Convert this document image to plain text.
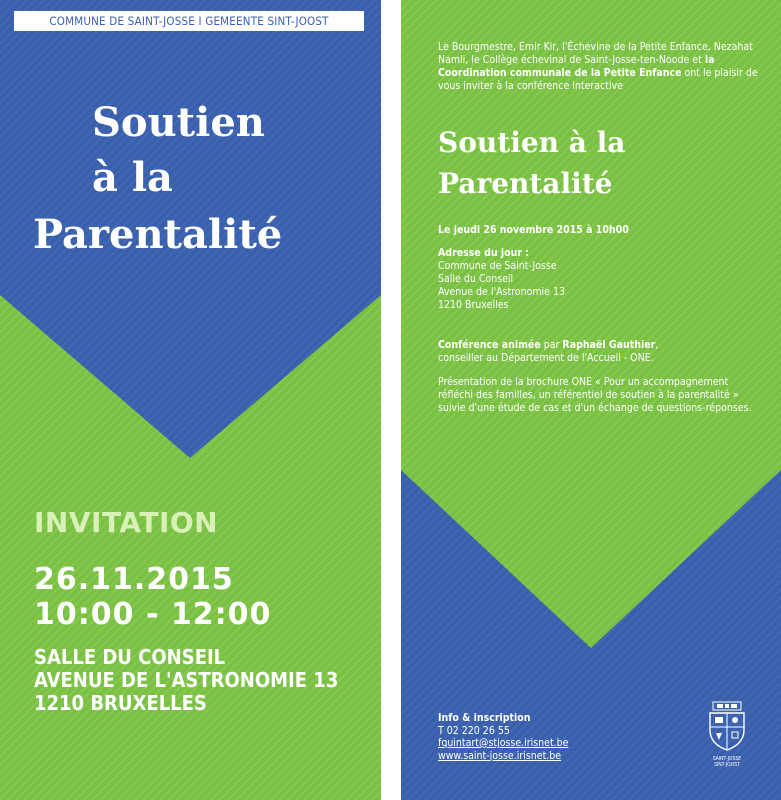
COMMUNE DE SAINT-JOSSE I GEMEENTE SINT-JOOST
Soutien
à la
Parentalité
INVITATION
26.11.2015
10:00 - 12:00
SALLE DU CONSEIL
AVENUE DE L'ASTRONOMIE 13
1210 BRUXELLES

Le Bourgmestre, Emir Kir, l'Échevine de la Petite Enfance, Nezahat Namli, le Collège échevinal de Saint-Josse-ten-Noode et la Coordination communale de la Petite Enfance ont le plaisir de vous inviter à la conférence interactive

Soutien à la
Parentalité

Le jeudi 26 novembre 2015 à 10h00

Adresse du jour :
Commune de Saint-Josse
Salle du Conseil
Avenue de l'Astronomie 13
1210 Bruxelles
Conférence animée par Raphaël Gauthier,
conseiller au Département de l'Accueil - ONE.

Présentation de la brochure ONE « Pour un accompagnement réfléchi des familles, un référentiel de soutien à la parentalité » suivie d'une étude de cas et d'un échange de questions-réponses.

Info & inscription
T 02 220 26 55
fquintart@stjosse.irisnet.be
www.saint-josse.irisnet.be	SAINT-JOSSE
SINT-JOOST
